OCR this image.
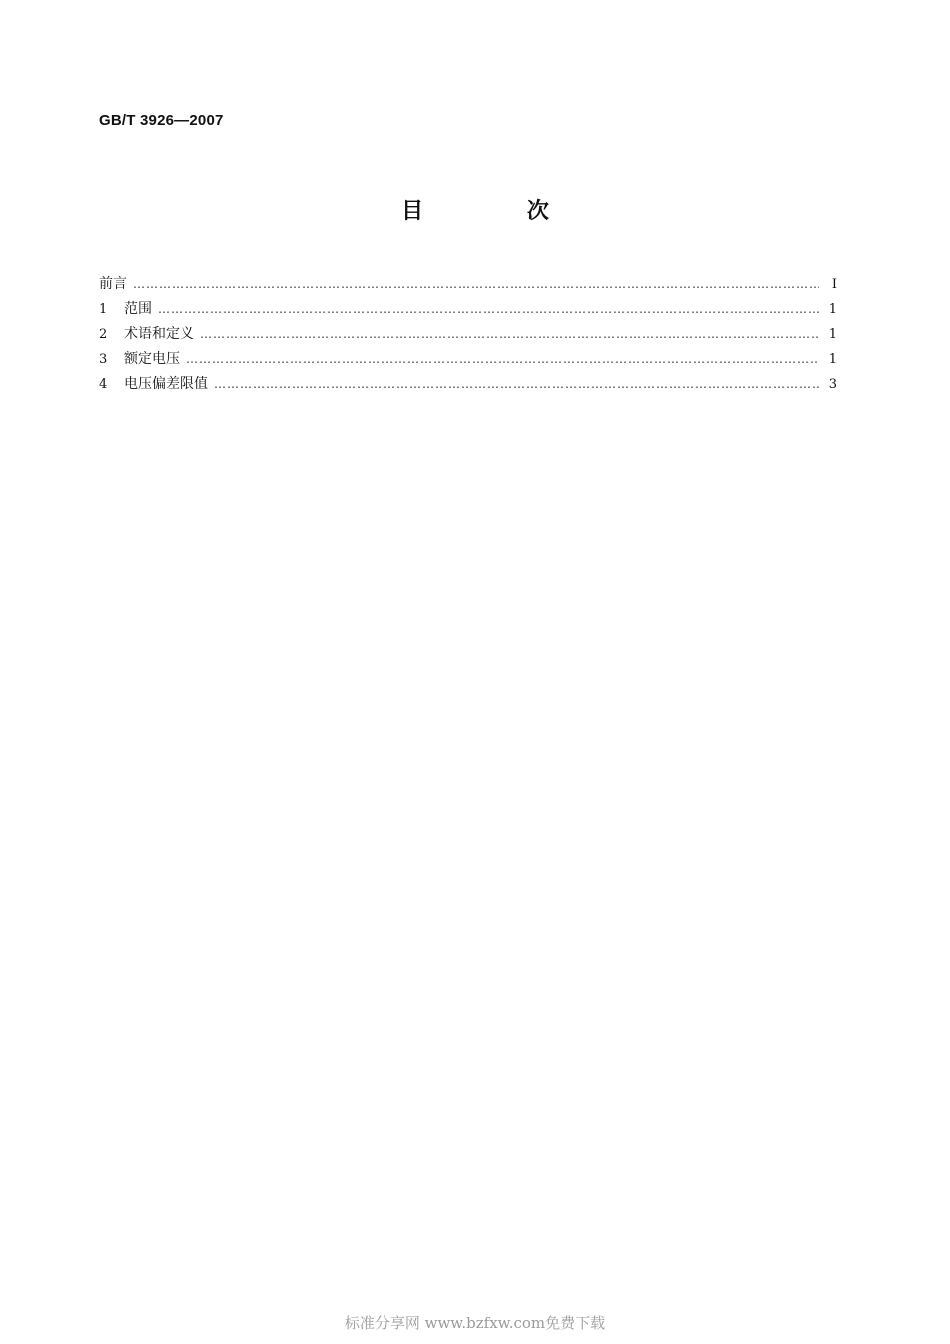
GB/T 3926—2007
目 次
前言 ……………………………………………………………………………………………………………………………………………………………………………………………………………………………………	I
1	范围 ……………………………………………………………………………………………………………………………………………………………………………………………………………………………………	1
2	术语和定义 ……………………………………………………………………………………………………………………………………………………………………………………………………………………………………	1
3	额定电压 ……………………………………………………………………………………………………………………………………………………………………………………………………………………………………	1
4	电压偏差限值 ……………………………………………………………………………………………………………………………………………………………………………………………………………………………………	3
标准分享网 www.bzfxw.com免费下载
